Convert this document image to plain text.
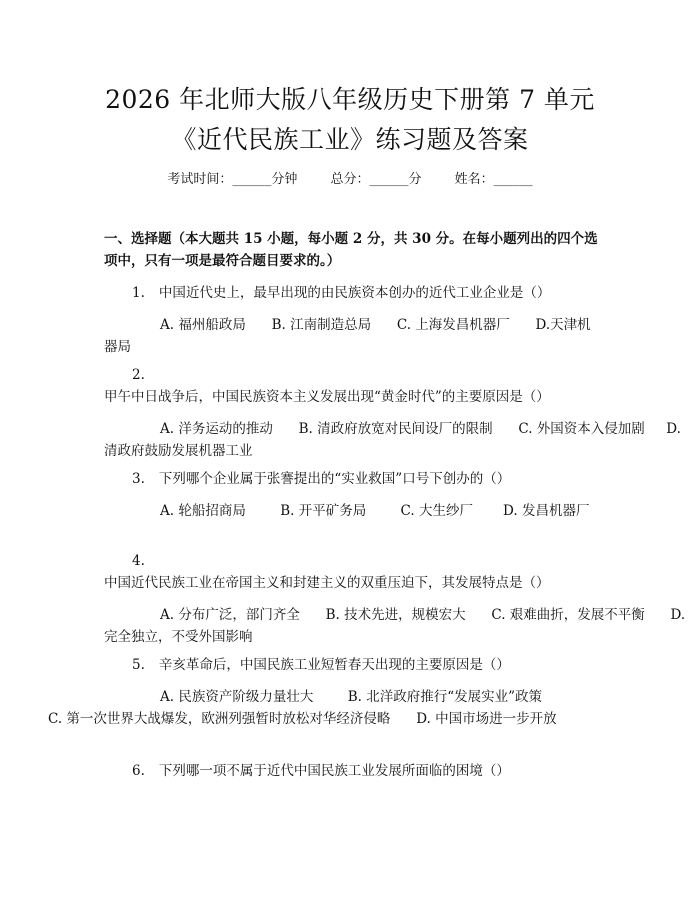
2026 年北师大版八年级历史下册第 7 单元
《近代民族工业》练习题及答案
考试时间：______分钟	总分：______分	姓名：______

一、选择题（本大题共 15 小题，每小题 2 分，共 30 分。在每小题列出的四个选项中，只有一项是最符合题目要求的。）

1. 中国近代史上，最早出现的由民族资本创办的近代工业企业是（）

A. 福州船政局 B. 江南制造总局 C. 上海发昌机器厂 D.天津机器局

2.甲午中日战争后，中国民族资本主义发展出现“黄金时代”的主要原因是（）

A. 洋务运动的推动 B. 清政府放宽对民间设厂的限制 C. 外国资本入侵加剧 D. 清政府鼓励发展机器工业

3. 下列哪个企业属于张謇提出的“实业救国”口号下创办的（）

A. 轮船招商局	B. 开平矿务局	C. 大生纱厂 D. 发昌机器厂

4.中国近代民族工业在帝国主义和封建主义的双重压迫下，其发展特点是（）

A. 分布广泛，部门齐全 B. 技术先进，规模宏大 C. 艰难曲折，发展不平衡 D. 完全独立，不受外国影响

5. 辛亥革命后，中国民族工业短暂春天出现的主要原因是（）

A. 民族资产阶级力量壮大	B. 北洋政府推行“发展实业”政策
C. 第一次世界大战爆发，欧洲列强暂时放松对华经济侵略 D. 中国市场进一步开放

6. 下列哪一项不属于近代中国民族工业发展所面临的困境（）
